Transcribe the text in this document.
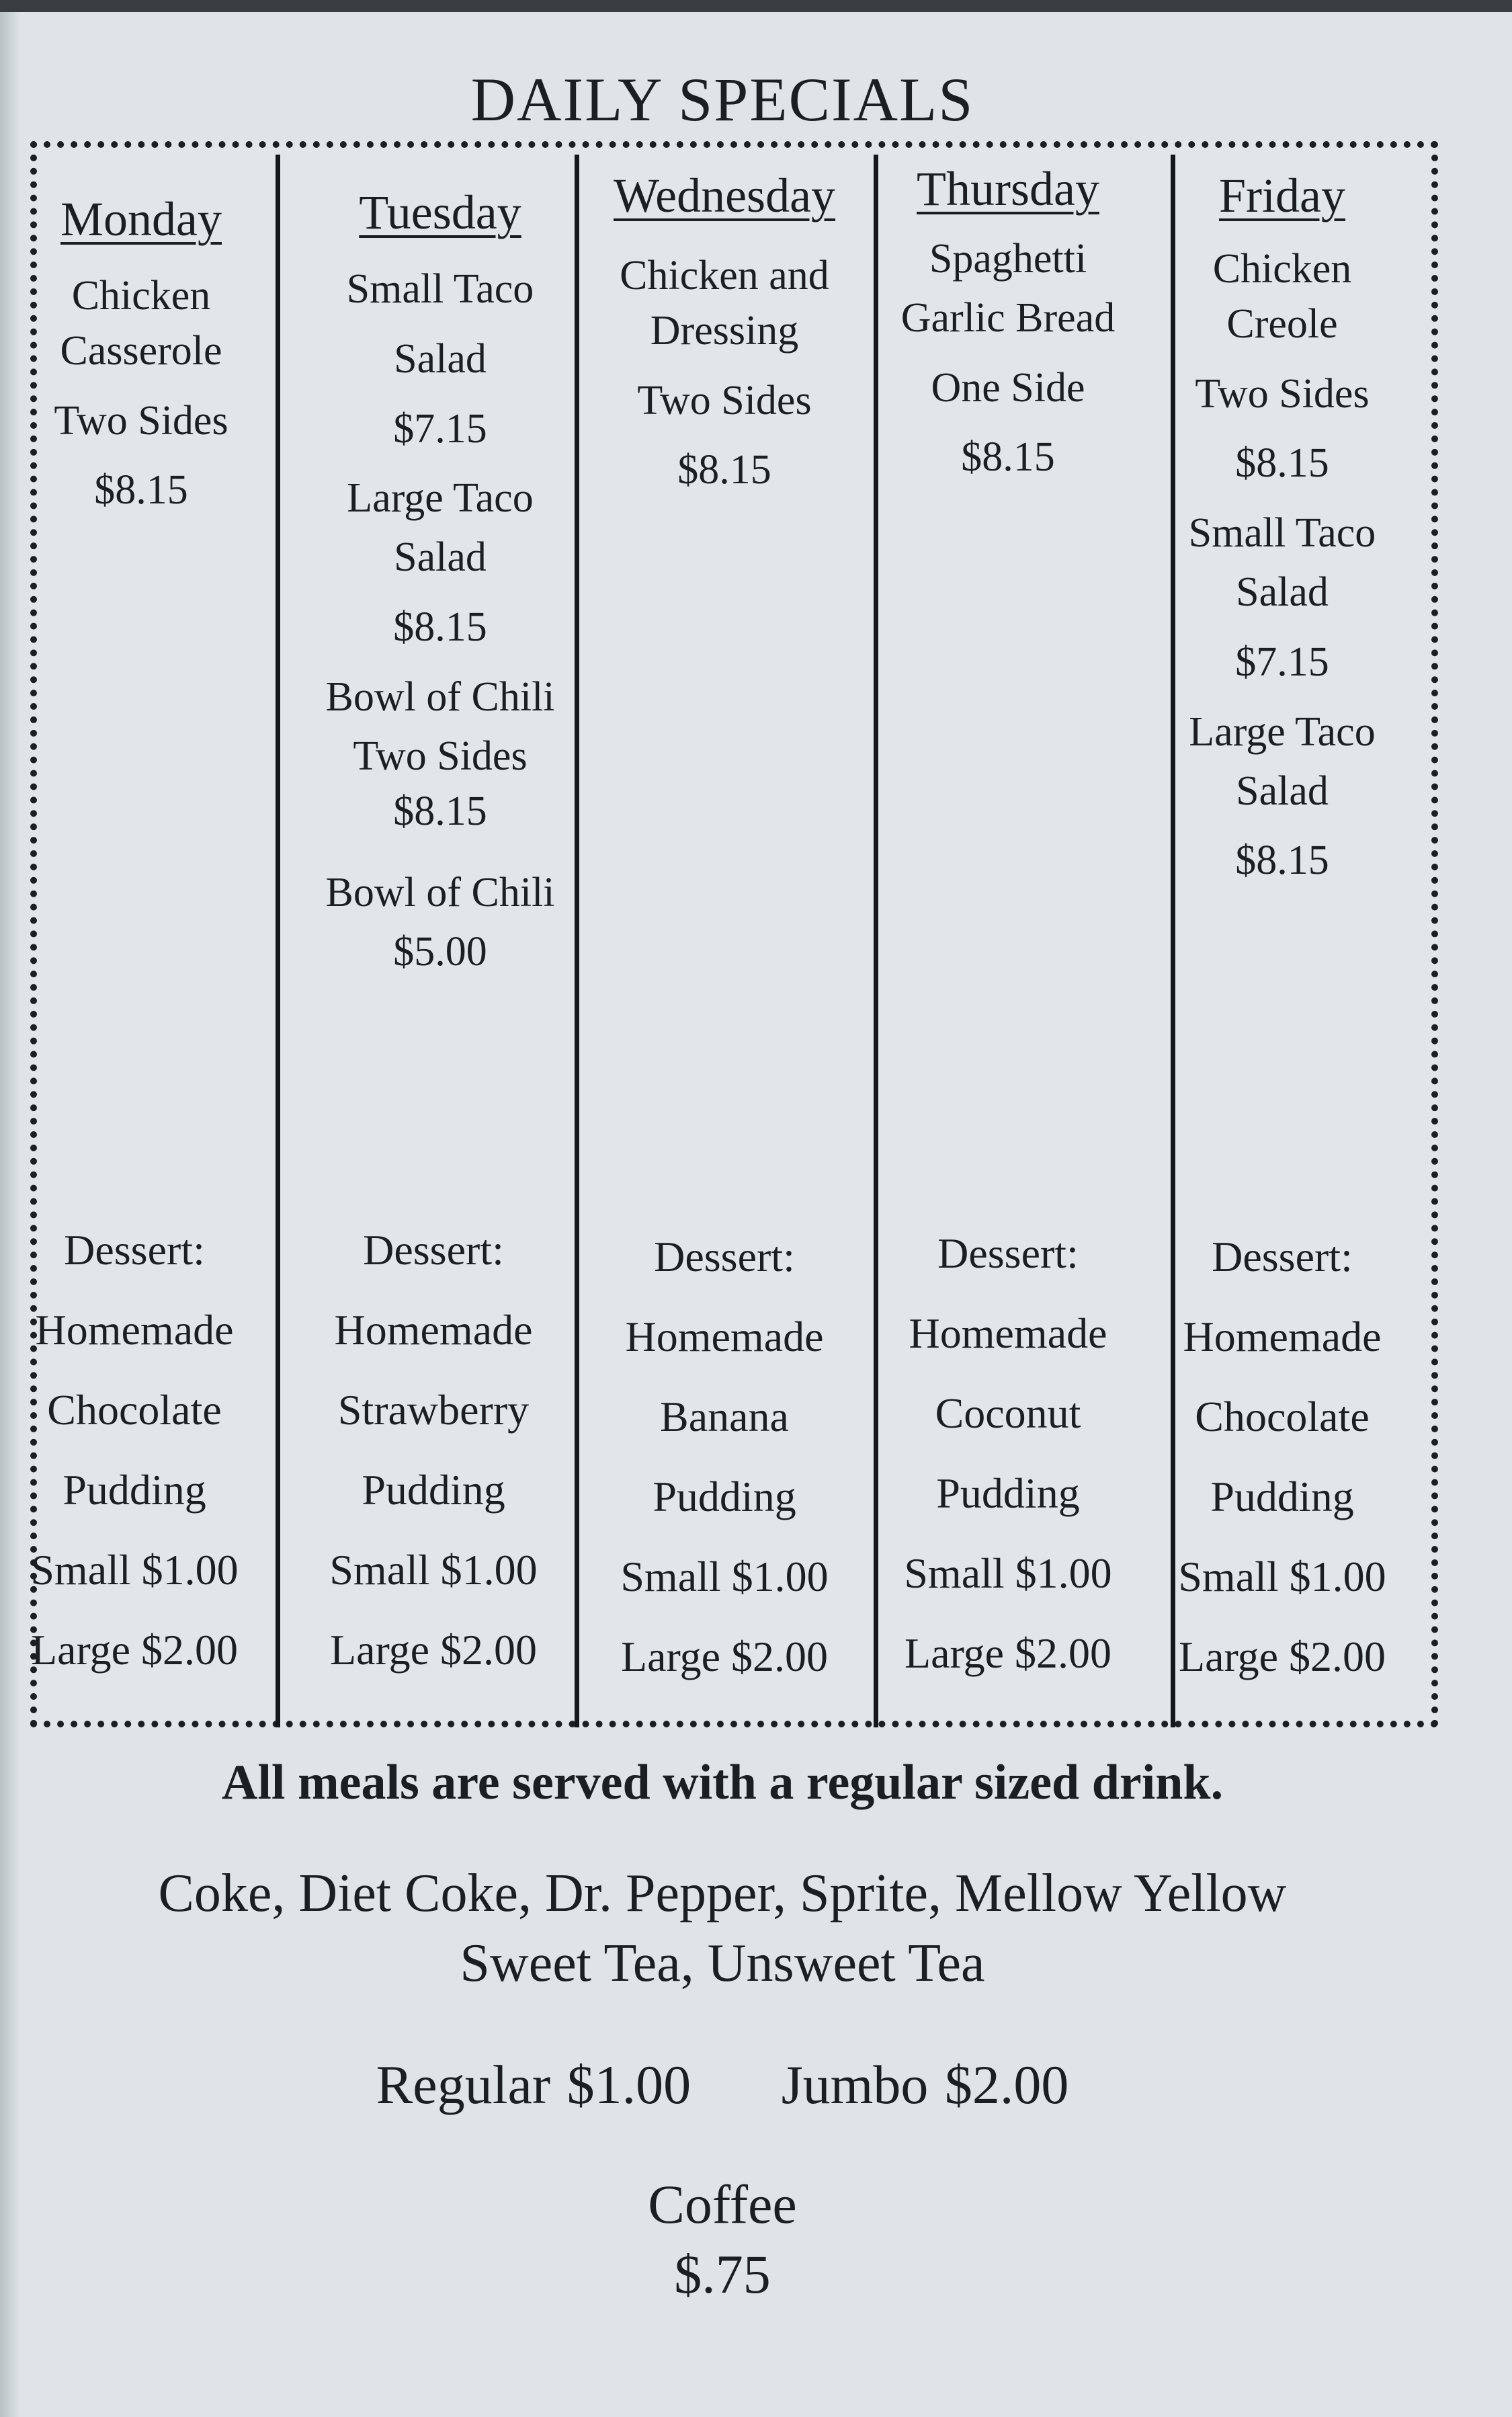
DAILY SPECIALS
Monday
Chicken
Casserole
Two Sides
$8.15
Dessert:
Homemade
Chocolate
Pudding
Small $1.00
Large $2.00
Tuesday
Small Taco
Salad
$7.15
Large Taco
Salad
$8.15
Bowl of Chili
Two Sides
$8.15
Bowl of Chili
$5.00
Dessert:
Homemade
Strawberry
Pudding
Small $1.00
Large $2.00
Wednesday
Chicken and
Dressing
Two Sides
$8.15
Dessert:
Homemade
Banana
Pudding
Small $1.00
Large $2.00
Thursday
Spaghetti
Garlic Bread
One Side
$8.15
Dessert:
Homemade
Coconut
Pudding
Small $1.00
Large $2.00
Friday
Chicken
Creole
Two Sides
$8.15
Small Taco
Salad
$7.15
Large Taco
Salad
$8.15
Dessert:
Homemade
Chocolate
Pudding
Small $1.00
Large $2.00
All meals are served with a regular sized drink.
Coke, Diet Coke, Dr. Pepper, Sprite, Mellow Yellow
Sweet Tea, Unsweet Tea
Regular $1.00 Jumbo $2.00
Coffee
$.75
